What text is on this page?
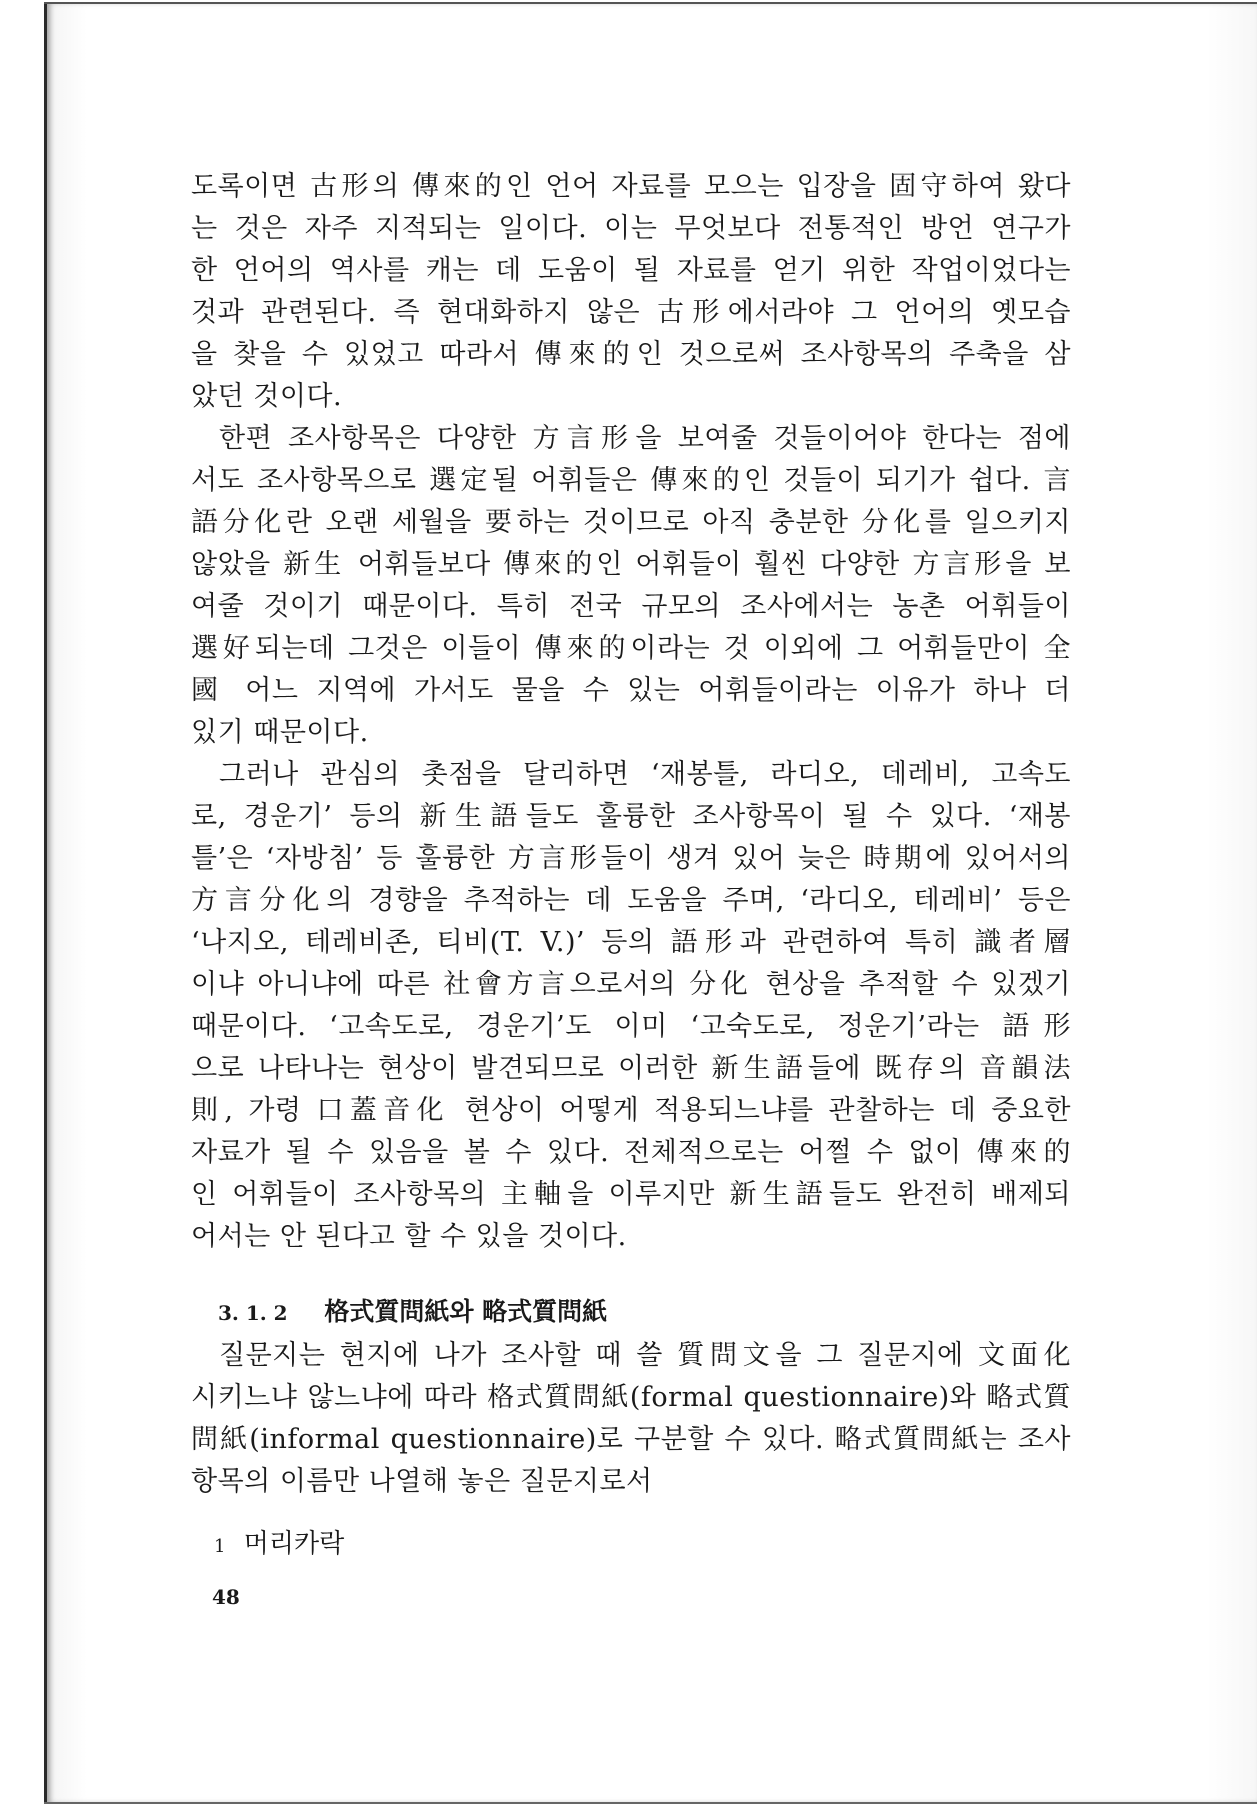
도록이면 古形의 傳來的인 언어 자료를 모으는 입장을 固守하여 왔다
는 것은 자주 지적되는 일이다. 이는 무엇보다 전통적인 방언 연구가
한 언어의 역사를 캐는 데 도움이 될 자료를 얻기 위한 작업이었다는
것과 관련된다. 즉 현대화하지 않은 古形에서라야 그 언어의 옛모습
을 찾을 수 있었고 따라서 傳來的인 것으로써 조사항목의 주축을 삼
았던 것이다.
한편 조사항목은 다양한 方言形을 보여줄 것들이어야 한다는 점에
서도 조사항목으로 選定될 어휘들은 傳來的인 것들이 되기가 쉽다. 言
語分化란 오랜 세월을 要하는 것이므로 아직 충분한 分化를 일으키지
않았을 新生 어휘들보다 傳來的인 어휘들이 훨씬 다양한 方言形을 보
여줄 것이기 때문이다. 특히 전국 규모의 조사에서는 농촌 어휘들이
選好되는데 그것은 이들이 傳來的이라는 것 이외에 그 어휘들만이 全
國 어느 지역에 가서도 물을 수 있는 어휘들이라는 이유가 하나 더
있기 때문이다.
그러나 관심의 촛점을 달리하면 ‘재봉틀, 라디오, 데레비, 고속도
로, 경운기’ 등의 新生語들도 훌륭한 조사항목이 될 수 있다. ‘재봉
틀’은 ‘자방침’ 등 훌륭한 方言形들이 생겨 있어 늦은 時期에 있어서의
方言分化의 경향을 추적하는 데 도움을 주며, ‘라디오, 테레비’ 등은
‘나지오, 테레비존, 티비(T. V.)’ 등의 語形과 관련하여 특히 識者層
이냐 아니냐에 따른 社會方言으로서의 分化 현상을 추적할 수 있겠기
때문이다. ‘고속도로, 경운기’도 이미 ‘고숙도로, 정운기’라는 語形
으로 나타나는 현상이 발견되므로 이러한 新生語들에 既存의 音韻法
則, 가령 口蓋音化 현상이 어떻게 적용되느냐를 관찰하는 데 중요한
자료가 될 수 있음을 볼 수 있다. 전체적으로는 어쩔 수 없이 傳來的
인 어휘들이 조사항목의 主軸을 이루지만 新生語들도 완전히 배제되
어서는 안 된다고 할 수 있을 것이다.
3. 1. 2 格式質問紙와 略式質問紙
질문지는 현지에 나가 조사할 때 쓸 質問文을 그 질문지에 文面化
시키느냐 않느냐에 따라 格式質問紙(formal questionnaire)와 略式質
問紙(informal questionnaire)로 구분할 수 있다. 略式質問紙는 조사
항목의 이름만 나열해 놓은 질문지로서
1 머리카락
48
